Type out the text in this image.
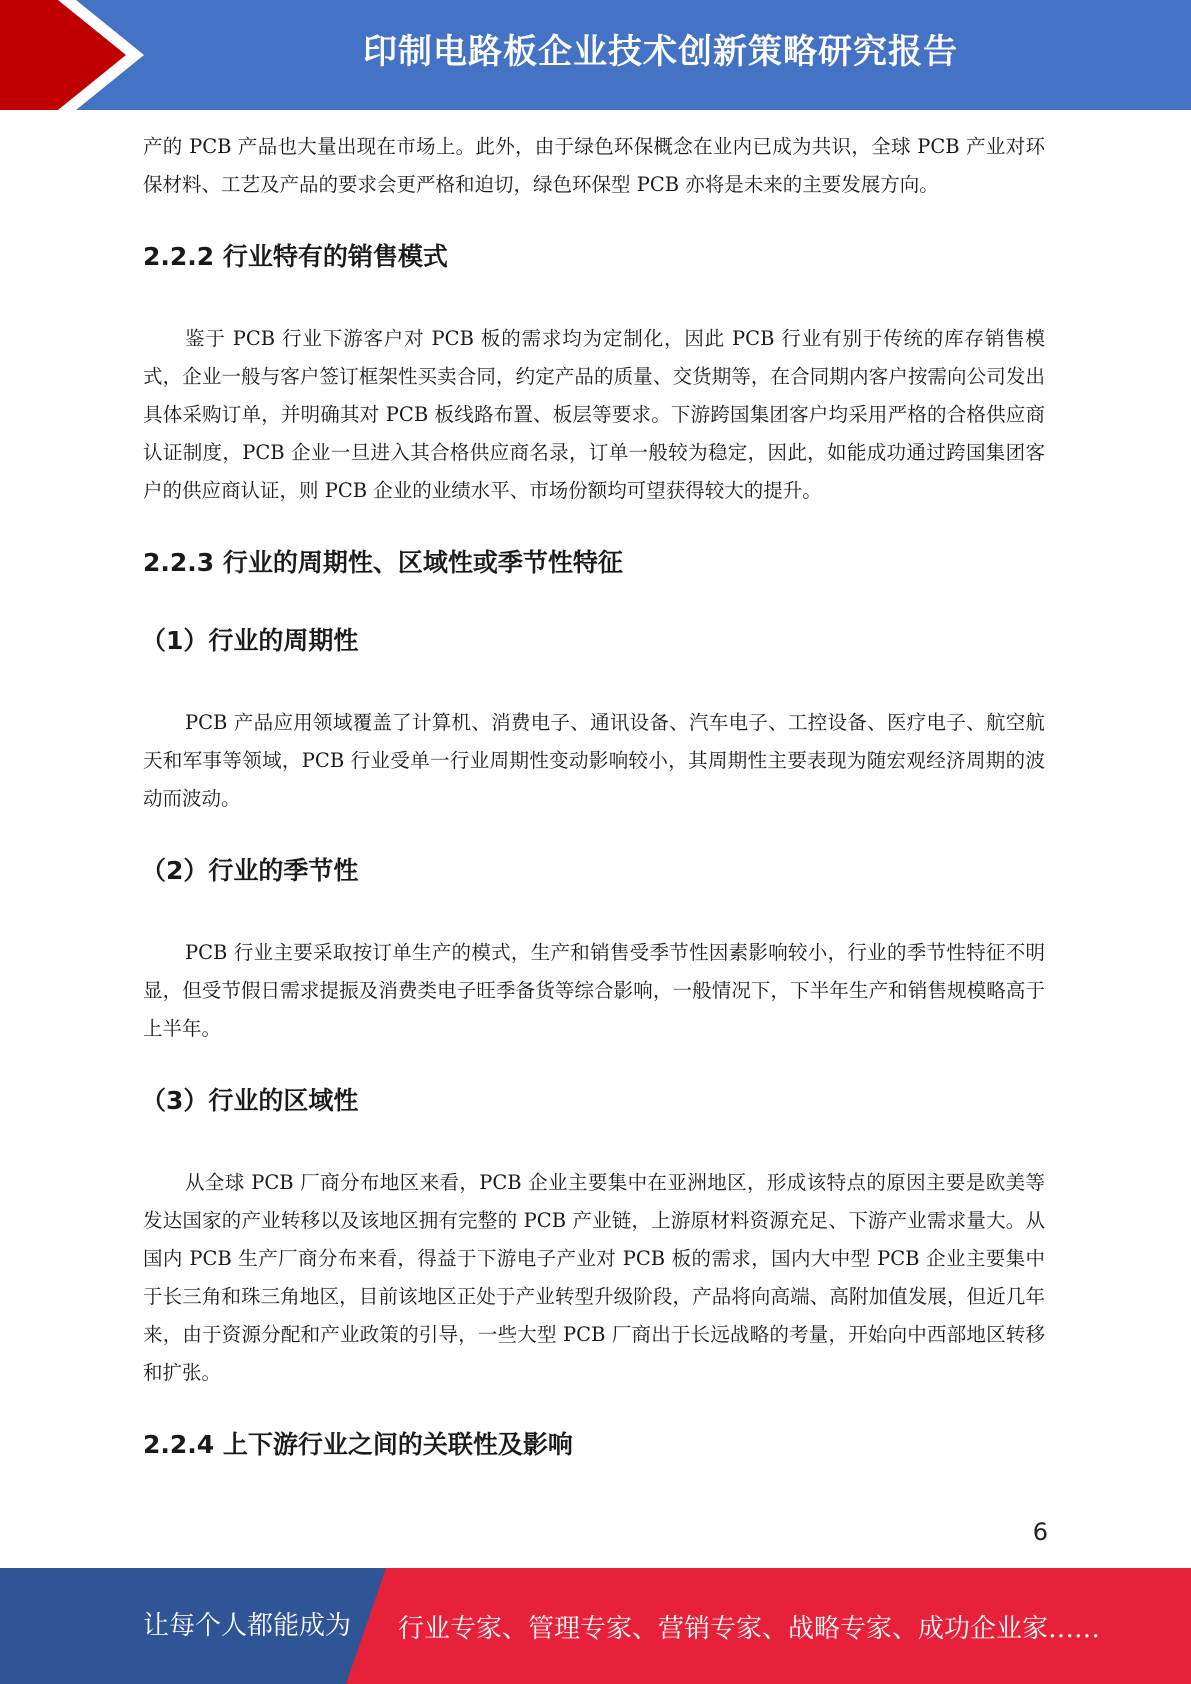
印制电路板企业技术创新策略研究报告

产的 PCB 产品也大量出现在市场上。此外，由于绿色环保概念在业内已成为共识，全球 PCB 产业对环保材料、工艺及产品的要求会更严格和迫切，绿色环保型 PCB 亦将是未来的主要发展方向。

2.2.2 行业特有的销售模式

鉴于 PCB 行业下游客户对 PCB 板的需求均为定制化，因此 PCB 行业有别于传统的库存销售模式，企业一般与客户签订框架性买卖合同，约定产品的质量、交货期等，在合同期内客户按需向公司发出具体采购订单，并明确其对 PCB 板线路布置、板层等要求。下游跨国集团客户均采用严格的合格供应商认证制度，PCB 企业一旦进入其合格供应商名录，订单一般较为稳定，因此，如能成功通过跨国集团客户的供应商认证，则 PCB 企业的业绩水平、市场份额均可望获得较大的提升。

2.2.3 行业的周期性、区域性或季节性特征
（1）行业的周期性

PCB 产品应用领域覆盖了计算机、消费电子、通讯设备、汽车电子、工控设备、医疗电子、航空航天和军事等领域，PCB 行业受单一行业周期性变动影响较小，其周期性主要表现为随宏观经济周期的波动而波动。

（2）行业的季节性

PCB 行业主要采取按订单生产的模式，生产和销售受季节性因素影响较小，行业的季节性特征不明显，但受节假日需求提振及消费类电子旺季备货等综合影响，一般情况下，下半年生产和销售规模略高于上半年。

（3）行业的区域性

从全球 PCB 厂商分布地区来看，PCB 企业主要集中在亚洲地区，形成该特点的原因主要是欧美等发达国家的产业转移以及该地区拥有完整的 PCB 产业链，上游原材料资源充足、下游产业需求量大。从国内 PCB 生产厂商分布来看，得益于下游电子产业对 PCB 板的需求，国内大中型 PCB 企业主要集中于长三角和珠三角地区，目前该地区正处于产业转型升级阶段，产品将向高端、高附加值发展，但近几年来，由于资源分配和产业政策的引导，一些大型 PCB 厂商出于长远战略的考量，开始向中西部地区转移和扩张。

2.2.4 上下游行业之间的关联性及影响
6
让每个人都能成为 行业专家、管理专家、营销专家、战略专家、成功企业家……
